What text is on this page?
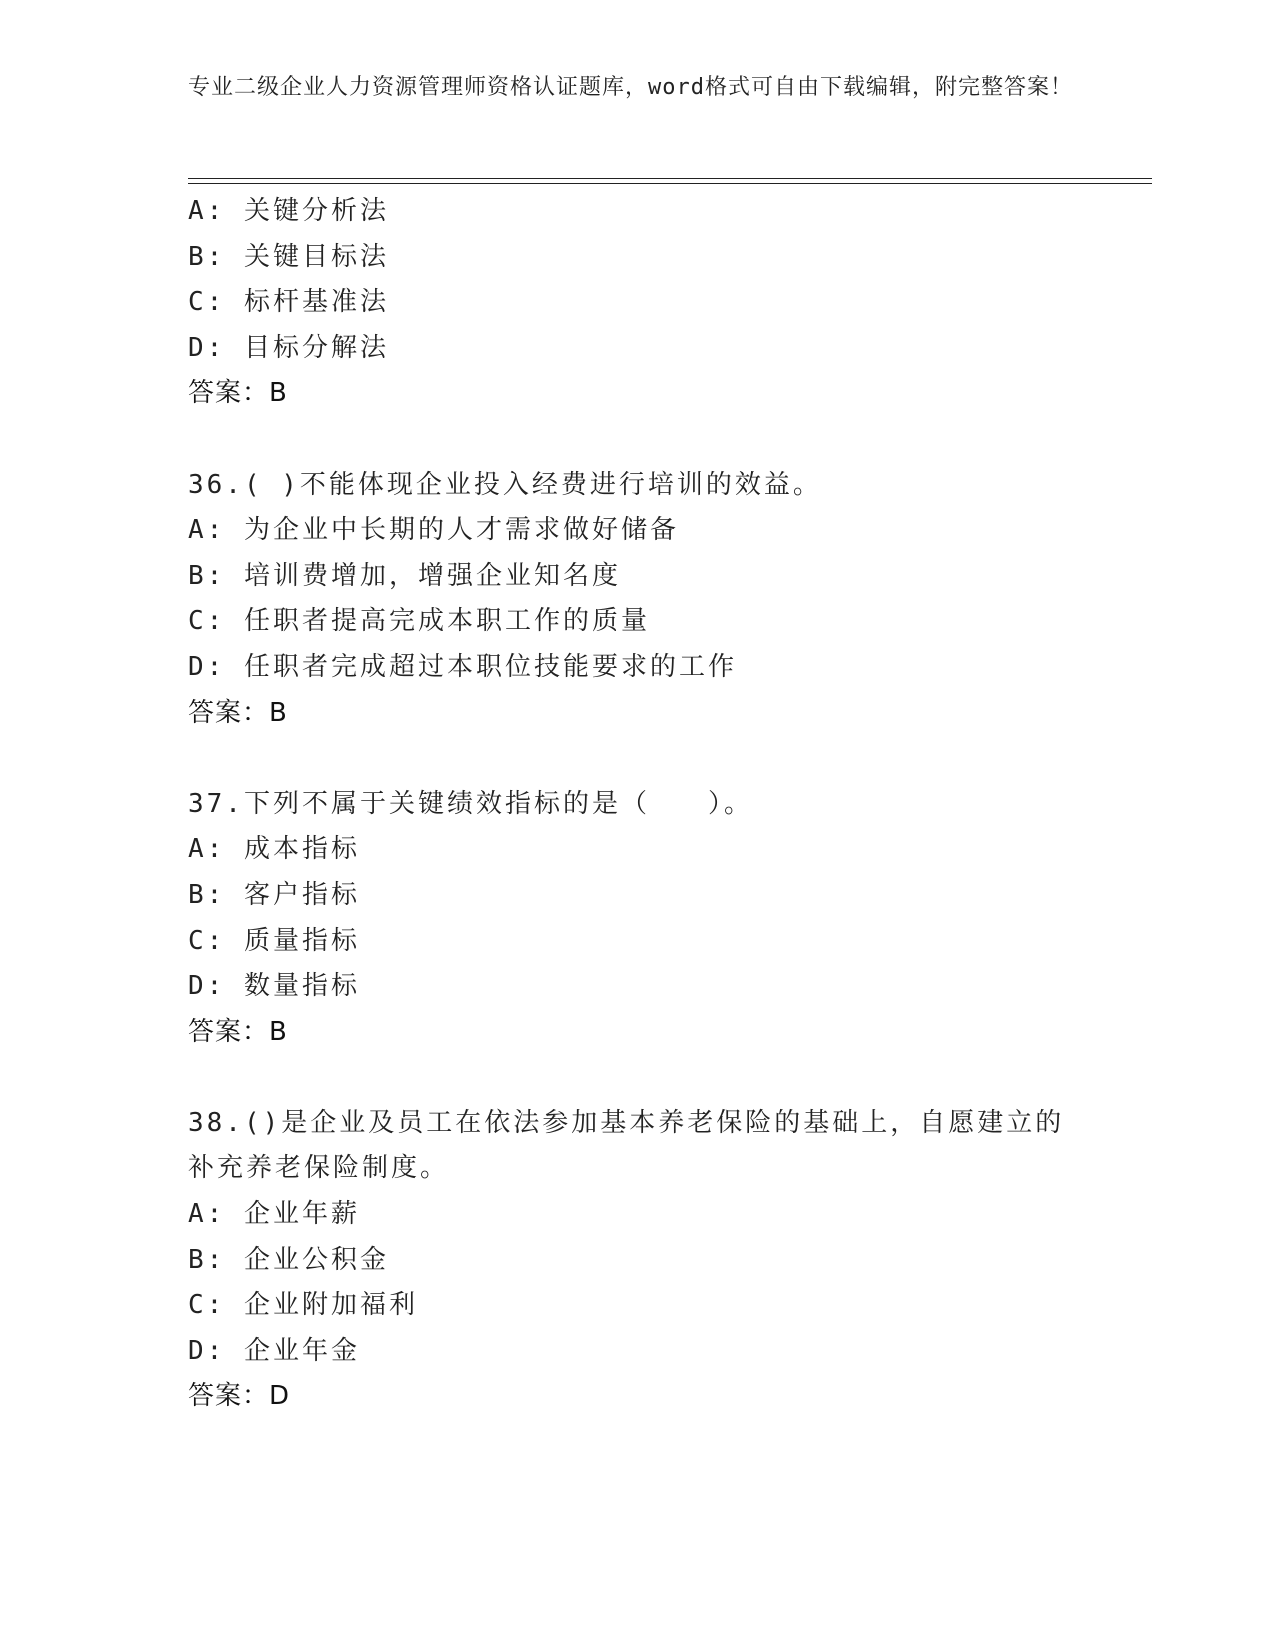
专业二级企业人力资源管理师资格认证题库，word格式可自由下载编辑，附完整答案！
A: 关键分析法
B: 关键目标法
C: 标杆基准法
D: 目标分解法
答案：B
36.( )不能体现企业投入经费进行培训的效益。
A: 为企业中长期的人才需求做好储备
B: 培训费增加，增强企业知名度
C: 任职者提高完成本职工作的质量
D: 任职者完成超过本职位技能要求的工作
答案：B
37.下列不属于关键绩效指标的是（　　）。
A: 成本指标
B: 客户指标
C: 质量指标
D: 数量指标
答案：B
38.()是企业及员工在依法参加基本养老保险的基础上，自愿建立的补充养老保险制度。
A: 企业年薪
B: 企业公积金
C: 企业附加福利
D: 企业年金
答案：D
